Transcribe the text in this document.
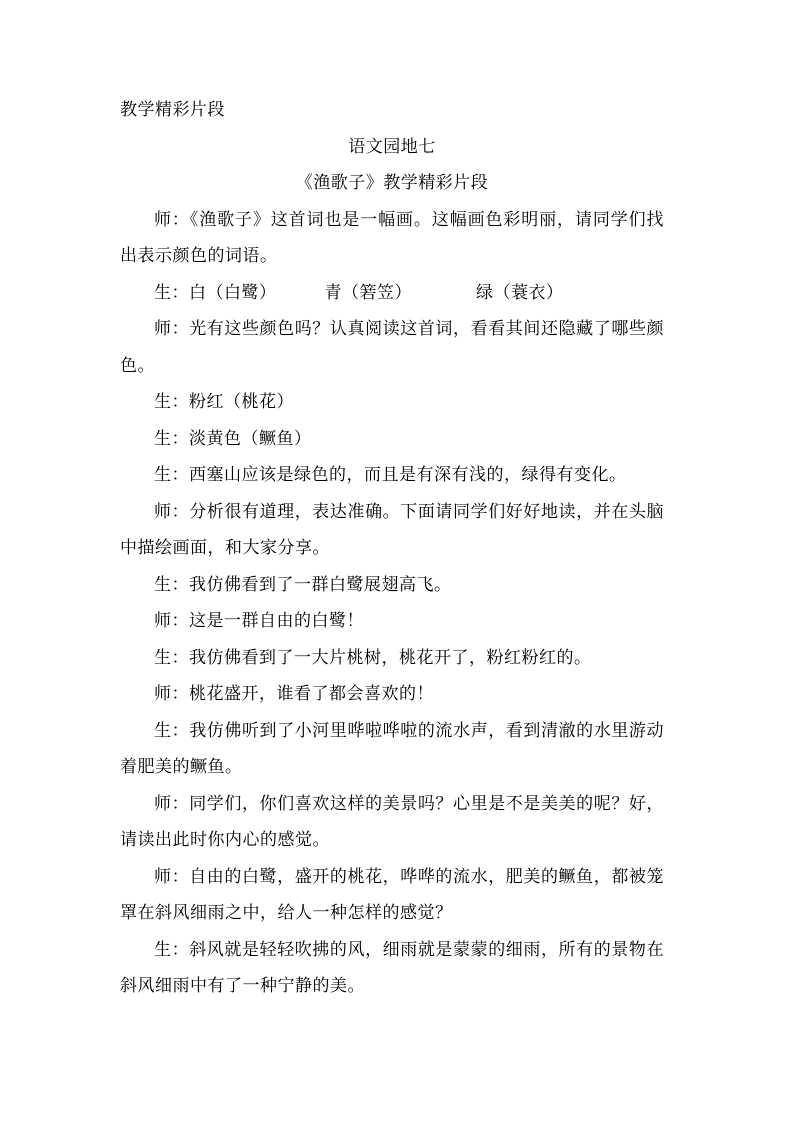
教学精彩片段

语文园地七

《渔歌子》教学精彩片段

师：《渔歌子》这首词也是一幅画。这幅画色彩明丽，请同学们找出表示颜色的词语。

生：白（白鹭）	青（箬笠）	绿（蓑衣）

师：光有这些颜色吗？认真阅读这首词，看看其间还隐藏了哪些颜色。

生：粉红（桃花）

生：淡黄色（鳜鱼）

生：西塞山应该是绿色的，而且是有深有浅的，绿得有变化。

师：分析很有道理，表达准确。下面请同学们好好地读，并在头脑中描绘画面，和大家分享。

生：我仿佛看到了一群白鹭展翅高飞。

师：这是一群自由的白鹭！

生：我仿佛看到了一大片桃树，桃花开了，粉红粉红的。

师：桃花盛开，谁看了都会喜欢的！

生：我仿佛听到了小河里哗啦哗啦的流水声，看到清澈的水里游动着肥美的鳜鱼。

师：同学们，你们喜欢这样的美景吗？心里是不是美美的呢？好，请读出此时你内心的感觉。

师：自由的白鹭，盛开的桃花，哗哗的流水，肥美的鳜鱼，都被笼罩在斜风细雨之中，给人一种怎样的感觉？

生：斜风就是轻轻吹拂的风，细雨就是蒙蒙的细雨，所有的景物在斜风细雨中有了一种宁静的美。
